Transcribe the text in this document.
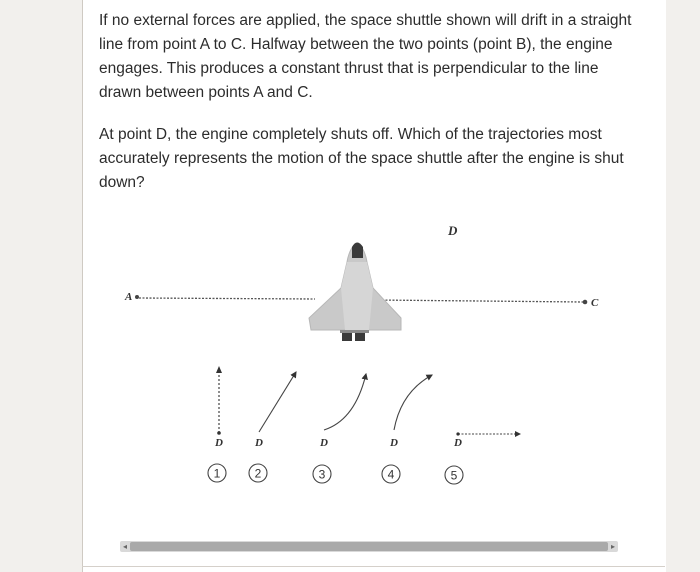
If no external forces are applied, the space shuttle shown will drift in a straight line from point A to C. Halfway between the two points (point B), the engine engages. This produces a constant thrust that is perpendicular to the line drawn between points A and C.

At point D, the engine completely shuts off. Which of the trajectories most accurately represents the motion of the space shuttle after the engine is shut down?

D
A	C
D	D	D	D	D
1	2	3	4	5
◂	▸
